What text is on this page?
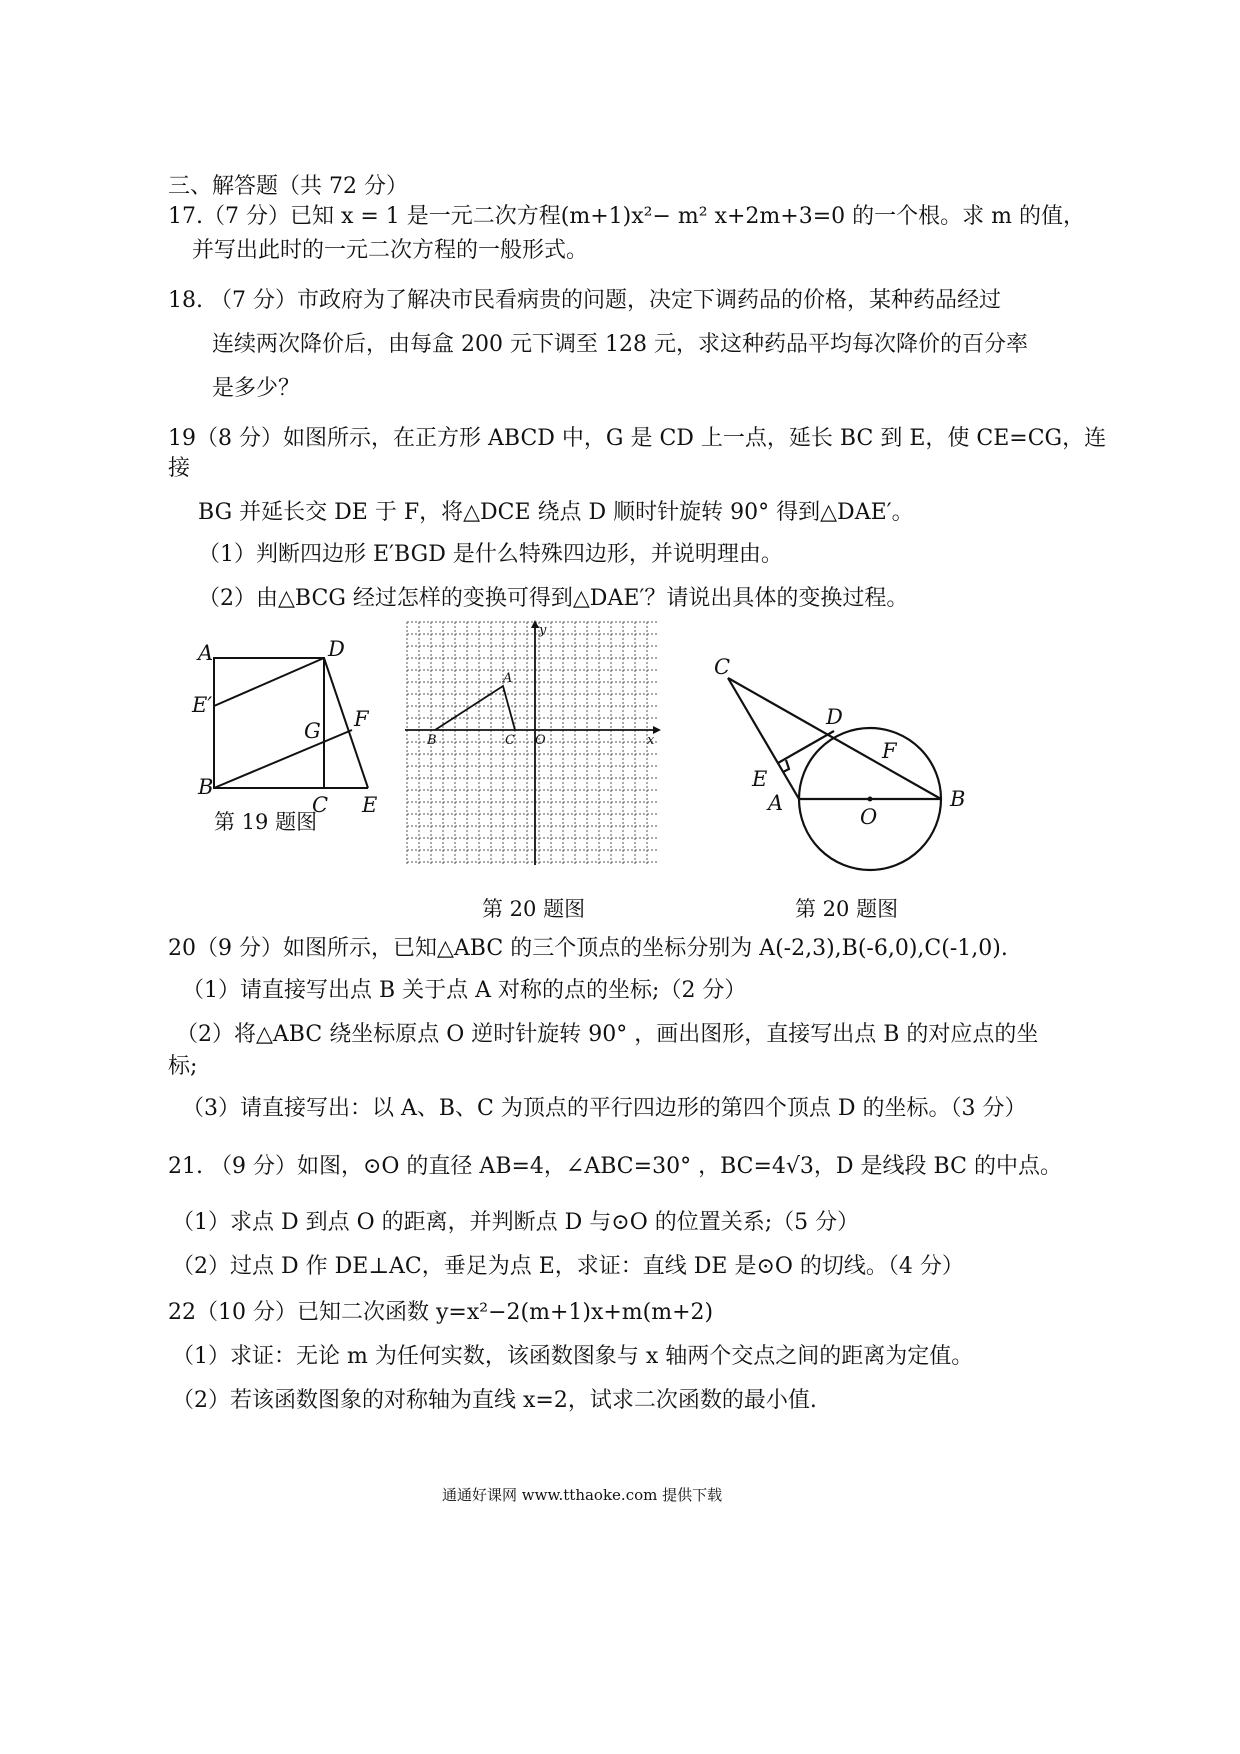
三、解答题（共 72 分）
17.（7 分）已知 x = 1 是一元二次方程(m+1)x²− m² x+2m+3=0 的一个根。求 m 的值，
并写出此时的一元二次方程的一般形式。
18. （7 分）市政府为了解决市民看病贵的问题，决定下调药品的价格，某种药品经过
连续两次降价后，由每盒 200 元下调至 128 元，求这种药品平均每次降价的百分率
是多少？
19（8 分）如图所示，在正方形 ABCD 中，G 是 CD 上一点，延长 BC 到 E，使 CE=CG，连
接
BG 并延长交 DE 于 F，将△DCE 绕点 D 顺时针旋转 90° 得到△DAE′。
（1）判断四边形 E′BGD 是什么特殊四边形，并说明理由。
（2）由△BCG 经过怎样的变换可得到△DAE′？请说出具体的变换过程。
A	D
E′
G F
B
C E
第 19 题图
y
A
B	C O	x
第 20 题图
C
D
F
E
A
O
B
第 20 题图
20（9 分）如图所示，已知△ABC 的三个顶点的坐标分别为 A(-2,3),B(-6,0),C(-1,0).
（1）请直接写出点 B 关于点 A 对称的点的坐标;（2 分）
（2）将△ABC 绕坐标原点 O 逆时针旋转 90° ，画出图形，直接写出点 B 的对应点的坐
标;
（3）请直接写出：以 A、B、C 为顶点的平行四边形的第四个顶点 D 的坐标。（3 分）
21. （9 分）如图，⊙O 的直径 AB=4，∠ABC=30° ，BC=4√3，D 是线段 BC 的中点。
（1）求点 D 到点 O 的距离，并判断点 D 与⊙O 的位置关系;（5 分）
（2）过点 D 作 DE⊥AC，垂足为点 E，求证：直线 DE 是⊙O 的切线。（4 分）
22（10 分）已知二次函数 y=x²−2(m+1)x+m(m+2)
（1）求证：无论 m 为任何实数，该函数图象与 x 轴两个交点之间的距离为定值。
（2）若该函数图象的对称轴为直线 x=2，试求二次函数的最小值.
通通好课网 www.tthaoke.com 提供下载
